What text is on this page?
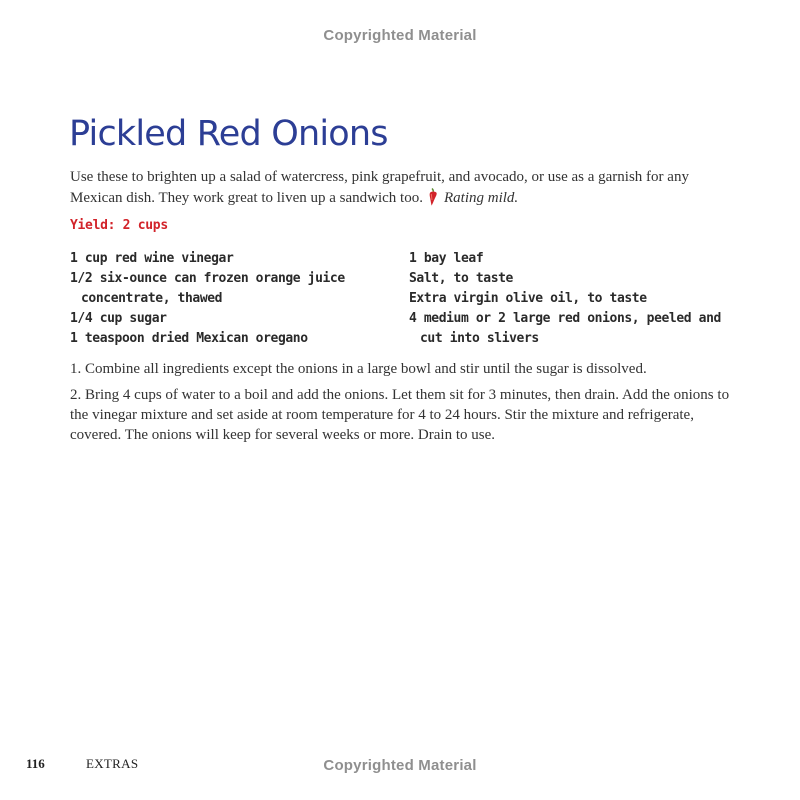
Copyrighted Material
Pickled Red Onions

Use these to brighten up a salad of watercress, pink grapefruit, and avocado, or use as a garnish for any Mexican dish. They work great to liven up a sandwich too. Rating mild.

Yield: 2 cups
1 cup red wine vinegar
1/2 six-ounce can frozen orange juice concentrate, thawed
1/4 cup sugar
1 teaspoon dried Mexican oregano
1 bay leaf
Salt, to taste
Extra virgin olive oil, to taste
4 medium or 2 large red onions, peeled and cut into slivers

1. Combine all ingredients except the onions in a large bowl and stir until the sugar is dissolved.

2. Bring 4 cups of water to a boil and add the onions. Let them sit for 3 minutes, then drain. Add the onions to the vinegar mixture and set aside at room temperature for 4 to 24 hours. Stir the mixture and refrigerate, covered. The onions will keep for several weeks or more. Drain to use.

116	EXTRAS	Copyrighted Material
